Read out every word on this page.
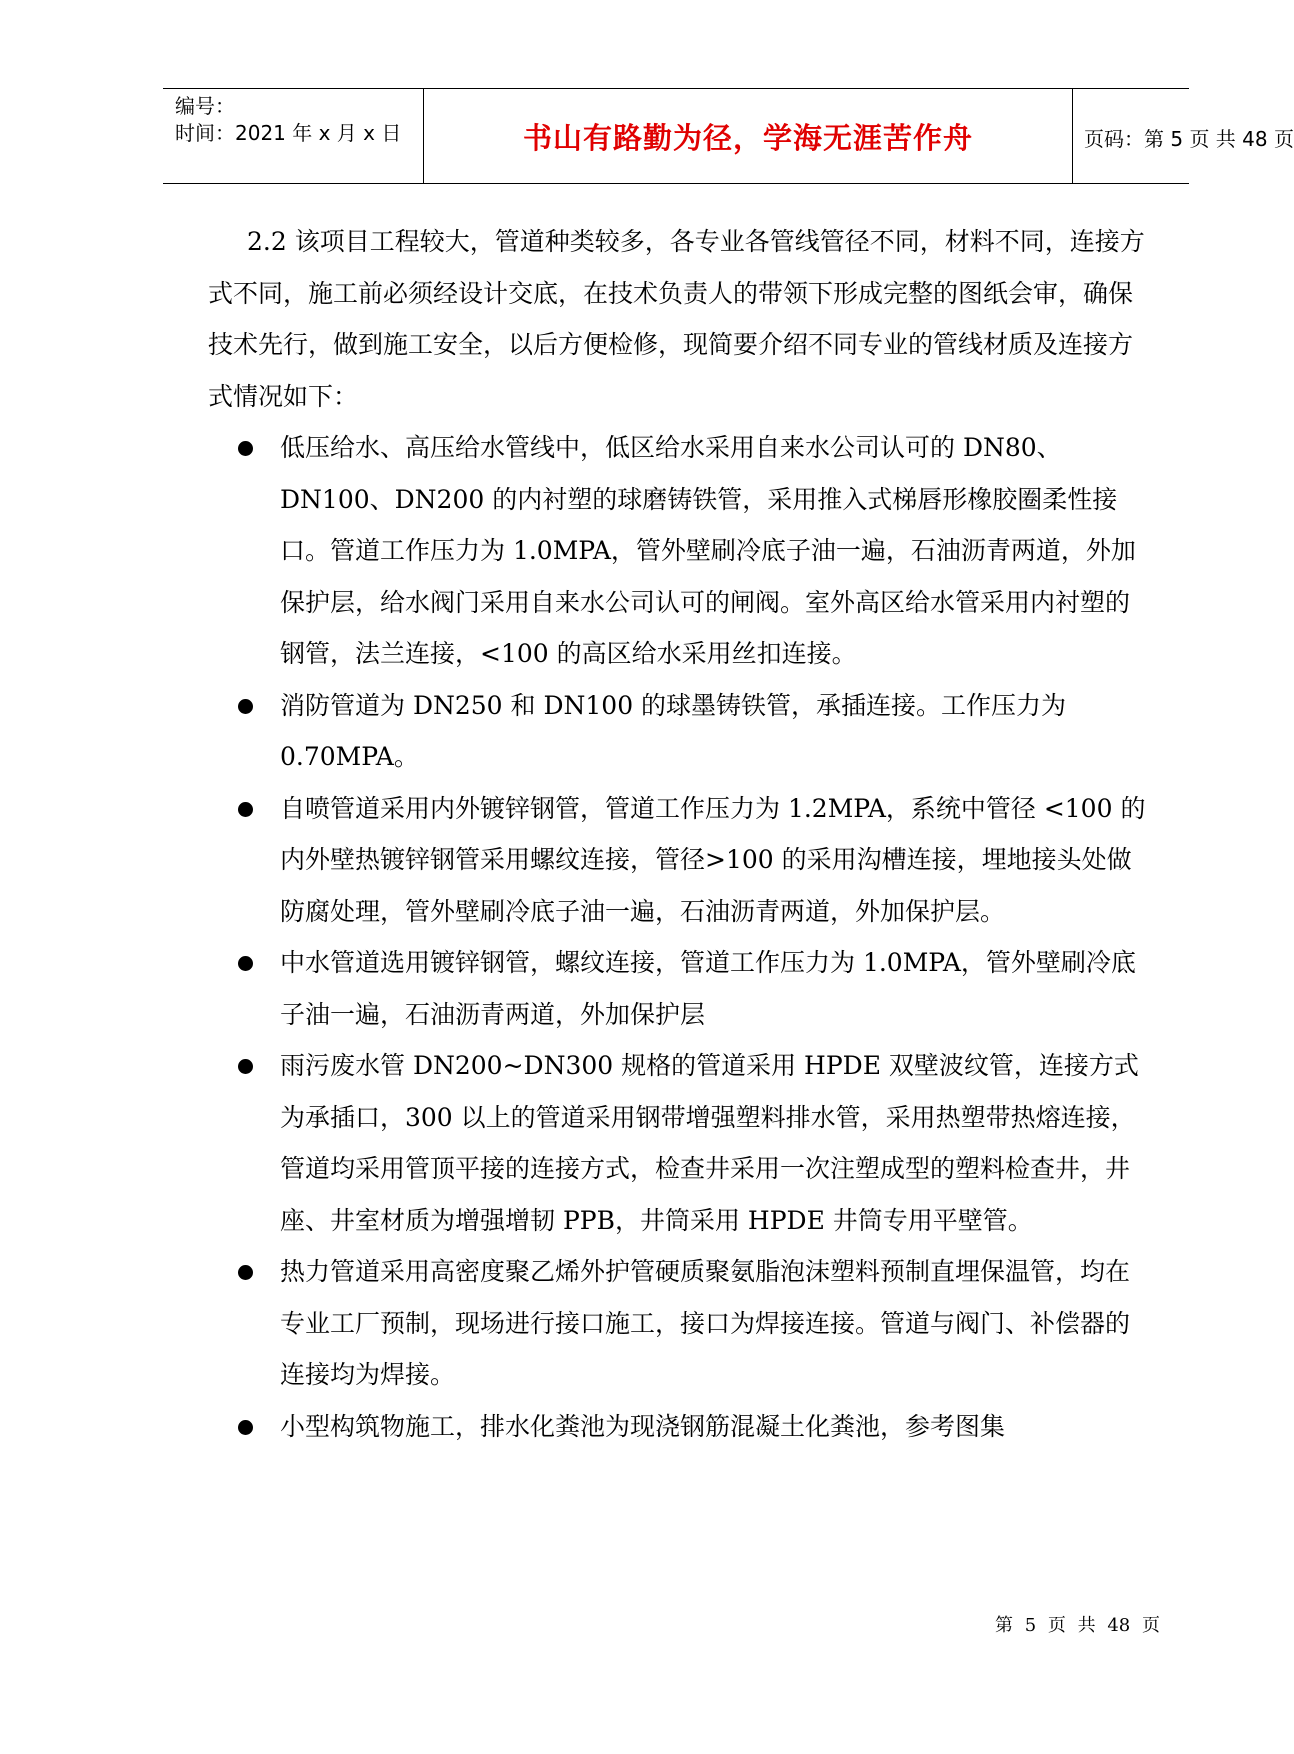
编号：
时间：2021 年 x 月 x 日	书山有路勤为径，学海无涯苦作舟	页码：第 5 页 共 48 页

2.2 该项目工程较大，管道种类较多，各专业各管线管径不同，材料不同，连接方式不同，施工前必须经设计交底，在技术负责人的带领下形成完整的图纸会审，确保技术先行，做到施工安全，以后方便检修，现简要介绍不同专业的管线材质及连接方式情况如下：

低压给水、高压给水管线中，低区给水采用自来水公司认可的 DN80、DN100、DN200 的内衬塑的球磨铸铁管，采用推入式梯唇形橡胶圈柔性接口。管道工作压力为 1.0MPA，管外壁刷冷底子油一遍，石油沥青两道，外加保护层，给水阀门采用自来水公司认可的闸阀。室外高区给水管采用内衬塑的钢管，法兰连接，<100 的高区给水采用丝扣连接。
消防管道为 DN250 和 DN100 的球墨铸铁管，承插连接。工作压力为 0.70MPA。
自喷管道采用内外镀锌钢管，管道工作压力为 1.2MPA，系统中管径 <100 的内外壁热镀锌钢管采用螺纹连接，管径>100 的采用沟槽连接，埋地接头处做防腐处理，管外壁刷冷底子油一遍，石油沥青两道，外加保护层。
中水管道选用镀锌钢管，螺纹连接，管道工作压力为 1.0MPA，管外壁刷冷底子油一遍，石油沥青两道，外加保护层
雨污废水管 DN200~DN300 规格的管道采用 HPDE 双壁波纹管，连接方式为承插口，300 以上的管道采用钢带增强塑料排水管，采用热塑带热熔连接，管道均采用管顶平接的连接方式，检查井采用一次注塑成型的塑料检查井，井座、井室材质为增强增韧 PPB，井筒采用 HPDE 井筒专用平壁管。
热力管道采用高密度聚乙烯外护管硬质聚氨脂泡沫塑料预制直埋保温管，均在专业工厂预制，现场进行接口施工，接口为焊接连接。管道与阀门、补偿器的连接均为焊接。
小型构筑物施工，排水化粪池为现浇钢筋混凝土化粪池，参考图集
第 5 页 共 48 页
